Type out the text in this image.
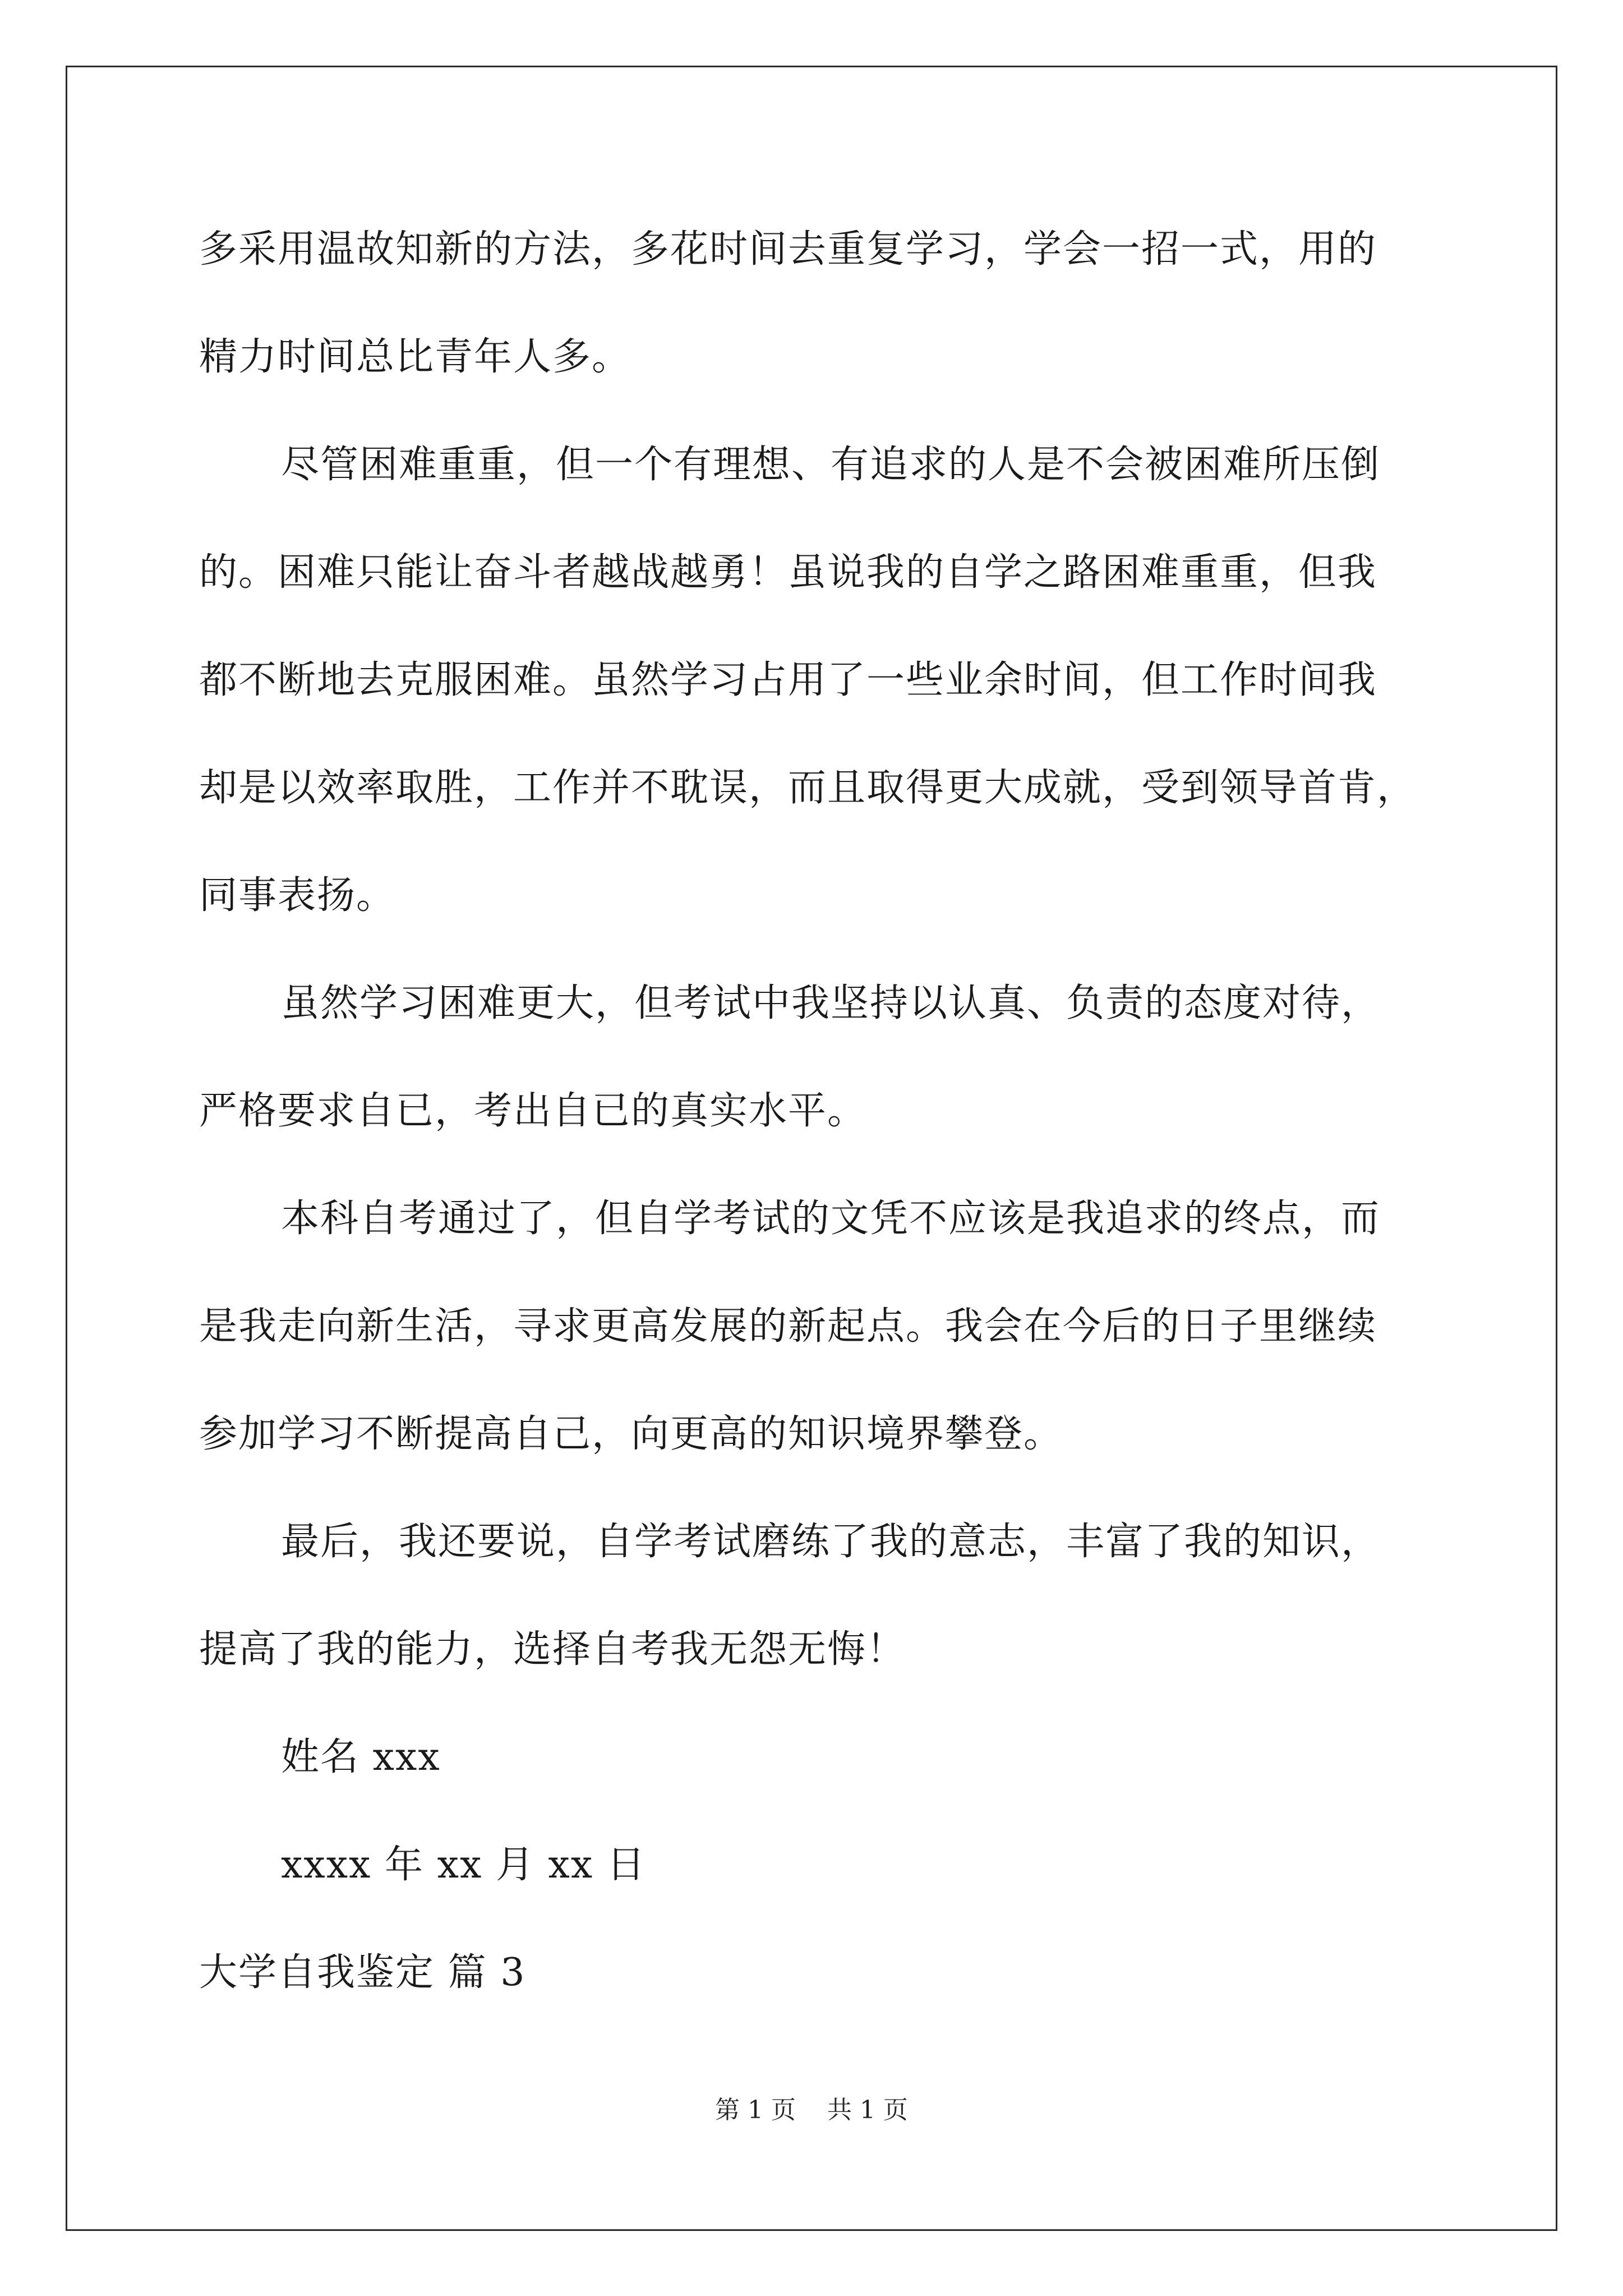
多采用温故知新的方法，多花时间去重复学习，学会一招一式，用的
精力时间总比青年人多。
尽管困难重重，但一个有理想、有追求的人是不会被困难所压倒
的。困难只能让奋斗者越战越勇！虽说我的自学之路困难重重，但我
都不断地去克服困难。虽然学习占用了一些业余时间，但工作时间我
却是以效率取胜，工作并不耽误，而且取得更大成就，受到领导首肯，
同事表扬。
虽然学习困难更大，但考试中我坚持以认真、负责的态度对待，
严格要求自已，考出自已的真实水平。
本科自考通过了，但自学考试的文凭不应该是我追求的终点，而
是我走向新生活，寻求更高发展的新起点。我会在今后的日子里继续
参加学习不断提高自己，向更高的知识境界攀登。
最后，我还要说，自学考试磨练了我的意志，丰富了我的知识，
提高了我的能力，选择自考我无怨无悔！
姓名 xxx
xxxx 年 xx 月 xx 日
大学自我鉴定 篇 3
第 1 页 共 1 页
